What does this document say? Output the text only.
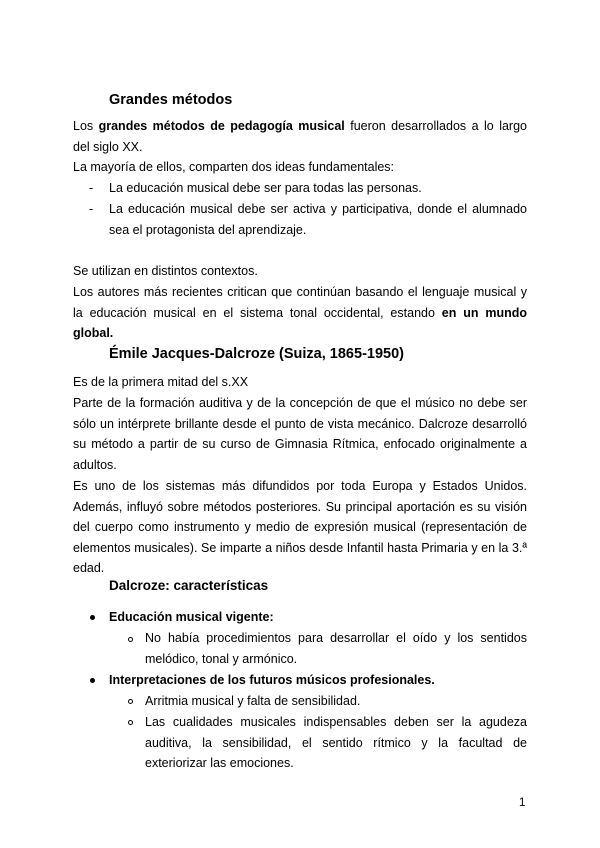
Grandes métodos
Los grandes métodos de pedagogía musical fueron desarrollados a lo largo del siglo XX.
La mayoría de ellos, comparten dos ideas fundamentales:
- La educación musical debe ser para todas las personas.
- La educación musical debe ser activa y participativa, donde el alumnado sea el protagonista del aprendizaje.
Se utilizan en distintos contextos.
Los autores más recientes critican que continúan basando el lenguaje musical y la educación musical en el sistema tonal occidental, estando en un mundo global.
Émile Jacques-Dalcroze (Suiza, 1865-1950)
Es de la primera mitad del s.XX
Parte de la formación auditiva y de la concepción de que el músico no debe ser sólo un intérprete brillante desde el punto de vista mecánico. Dalcroze desarrolló su método a partir de su curso de Gimnasia Rítmica, enfocado originalmente a adultos.
Es uno de los sistemas más difundidos por toda Europa y Estados Unidos. Además, influyó sobre métodos posteriores. Su principal aportación es su visión del cuerpo como instrumento y medio de expresión musical (representación de elementos musicales). Se imparte a niños desde Infantil hasta Primaria y en la 3.ª edad.
Dalcroze: características
Educación musical vigente:
No había procedimientos para desarrollar el oído y los sentidos melódico, tonal y armónico.
Interpretaciones de los futuros músicos profesionales.
Arritmia musical y falta de sensibilidad.
Las cualidades musicales indispensables deben ser la agudeza auditiva, la sensibilidad, el sentido rítmico y la facultad de exteriorizar las emociones.
1
